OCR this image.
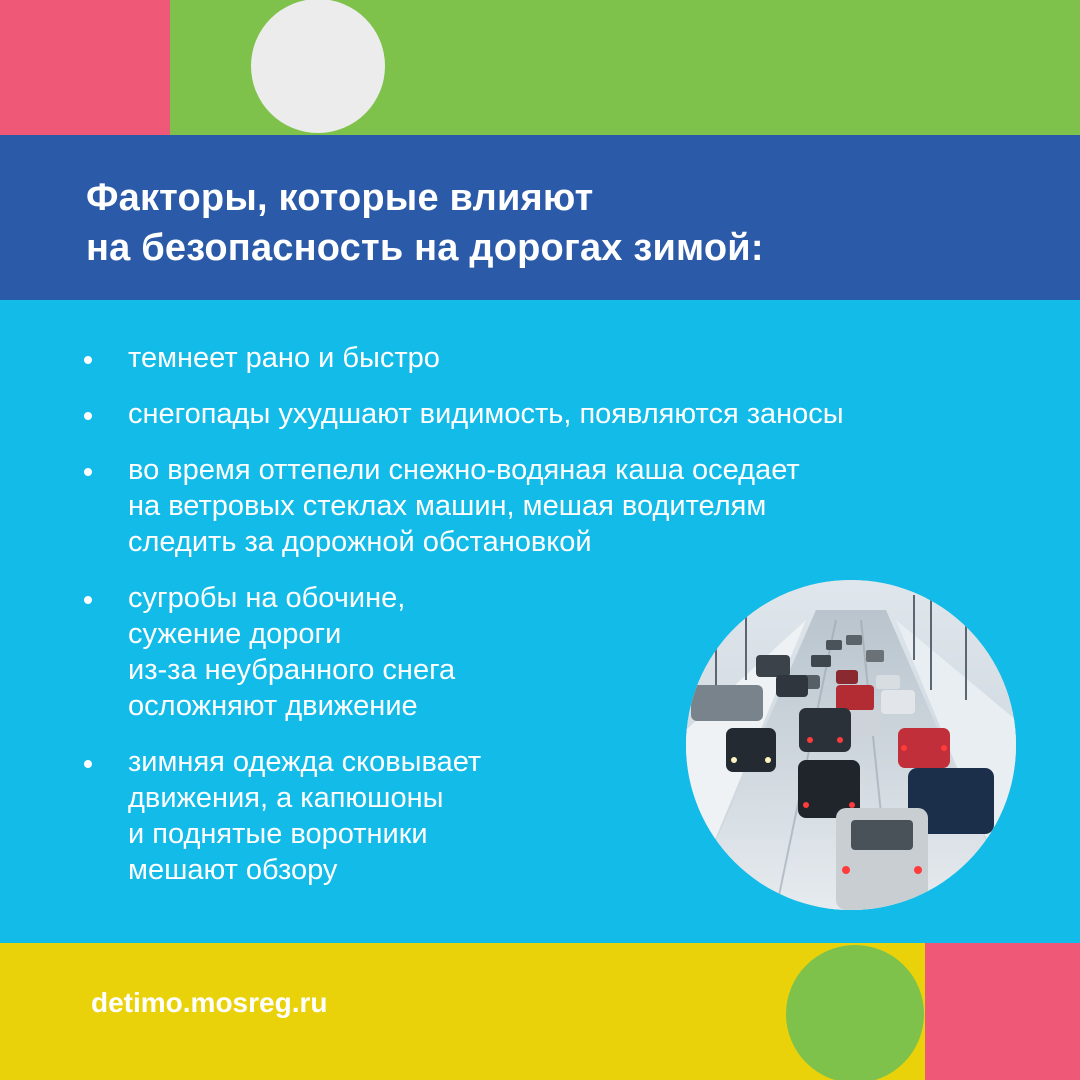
Факторы, которые влияют
на безопасность на дорогах зимой:
темнеет рано и быстро
снегопады ухудшают видимость, появляются заносы
во время оттепели снежно-водяная каша оседает
на ветровых стеклах машин, мешая водителям
следить за дорожной обстановкой
сугробы на обочине,
сужение дороги
из-за неубранного снега
осложняют движение
зимняя одежда сковывает
движения, а капюшоны
и поднятые воротники
мешают обзору
detimo.mosreg.ru
